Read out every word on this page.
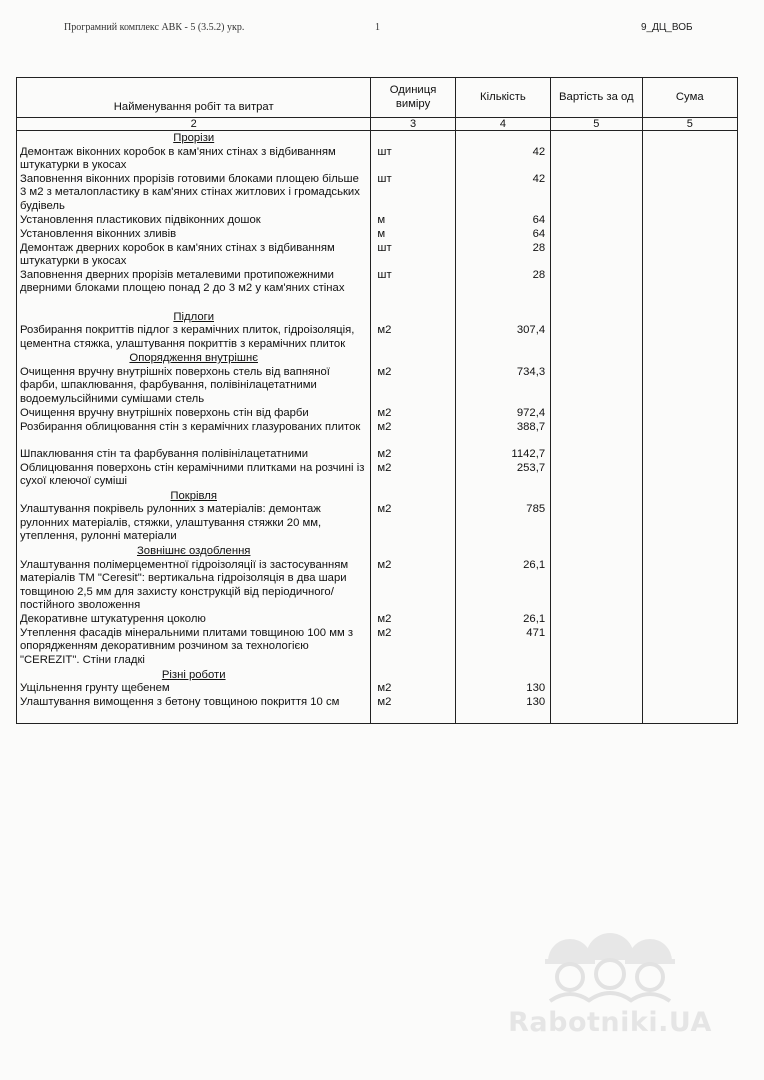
Програмний комплекс АВК - 5 (3.5.2) укр.	1	9_ДЦ_ВОБ
Найменування робіт та витрат	Одиниця виміру	Кількість	Вартість за од	Сума
2	3	4	5	5
Прорізи				
Демонтаж віконних коробок в кам'яних стінах з відбиванням штукатурки в укосах	шт	42		
Заповнення віконних прорізів готовими блоками площею більше 3 м2 з металопластику в кам'яних стінах житлових і громадських будівель	шт	42		
Установлення пластикових підвіконних дошок	м	64		
Установлення віконних зливів	м	64		
Демонтаж дверних коробок в кам'яних стінах з відбиванням штукатурки в укосах	шт	28		
Заповнення дверних прорізів металевими протипожежними дверними блоками площею понад 2 до 3 м2 у кам'яних стінах	шт	28		
Підлоги				
Розбирання покриттів підлог з керамічних плиток, гідроізоляція, цементна стяжка, улаштування покриттів з керамічних плиток	м2	307,4		
Опорядження внутрішнє				
Очищення вручну внутрішніх поверхонь стель від вапняної фарби, шпаклювання, фарбування, полівінілацетатними водоемульсійними сумішами стель	м2	734,3		
Очищення вручну внутрішніх поверхонь стін від фарби	м2	972,4		
Розбирання облицювання стін з керамічних глазурованих плиток	м2	388,7		
Шпаклювання стін та фарбування полівінілацетатними	м2	1142,7		
Облицювання поверхонь стін керамічними плитками на розчині із сухої клеючої суміші	м2	253,7		
Покрівля				
Улаштування покрівель рулонних з матеріалів: демонтаж рулонних матеріалів, стяжки, улаштування стяжки 20 мм, утеплення, рулонні матеріали	м2	785		
Зовнішнє оздоблення				
Улаштування полімерцементної гідроізоляції із застосуванням матеріалів ТМ "Ceresit": вертикальна гідроізоляція в два шари товщиною 2,5 мм для захисту конструкцій від періодичного/постійного зволоження	м2	26,1		
Декоративне штукатурення цоколю	м2	26,1		
Утеплення фасадів мінеральними плитами товщиною 100 мм з опорядженням декоративним розчином за технологією "CEREZIT". Стіни гладкі	м2	471		
Різні роботи				
Ущільнення грунту щебенем	м2	130		
Улаштування вимощення з бетону товщиною покриття 10 см	м2	130		
Rabotniki.UA
